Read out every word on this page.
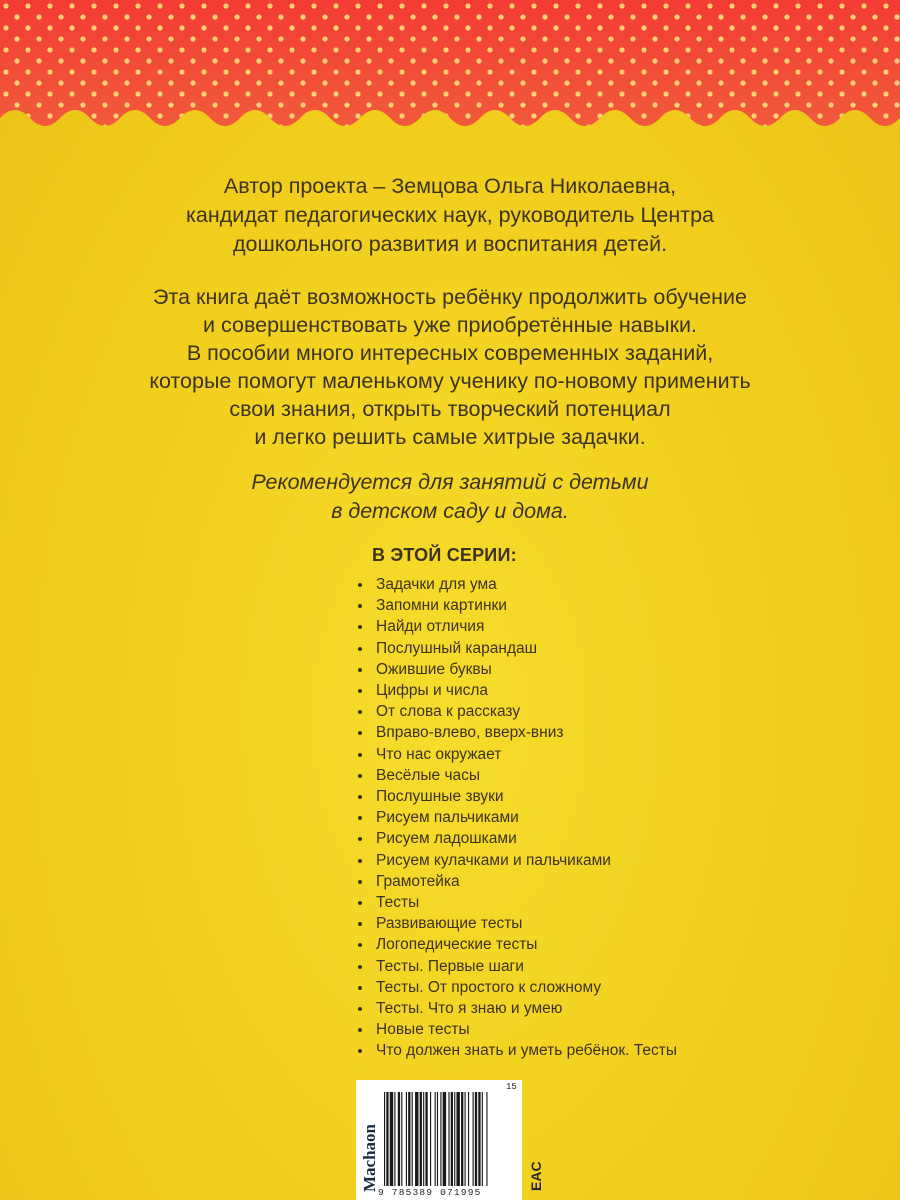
Автор проекта – Земцова Ольга Николаевна,
кандидат педагогических наук, руководитель Центра
дошкольного развития и воспитания детей.
Эта книга даёт возможность ребёнку продолжить обучение
и совершенствовать уже приобретённые навыки.
В пособии много интересных современных заданий,
которые помогут маленькому ученику по-новому применить
свои знания, открыть творческий потенциал
и легко решить самые хитрые задачки.
Рекомендуется для занятий с детьми
в детском саду и дома.
В ЭТОЙ СЕРИИ:
Задачки для ума
Запомни картинки
Найди отличия
Послушный карандаш
Ожившие буквы
Цифры и числа
От слова к рассказу
Вправо-влево, вверх-вниз
Что нас окружает
Весёлые часы
Послушные звуки
Рисуем пальчиками
Рисуем ладошками
Рисуем кулачками и пальчиками
Грамотейка
Тесты
Развивающие тесты
Логопедические тесты
Тесты. Первые шаги
Тесты. От простого к сложному
Тесты. Что я знаю и умею
Новые тесты
Что должен знать и уметь ребёнок. Тесты
Machaon
15
9 785389 071995
EAC
